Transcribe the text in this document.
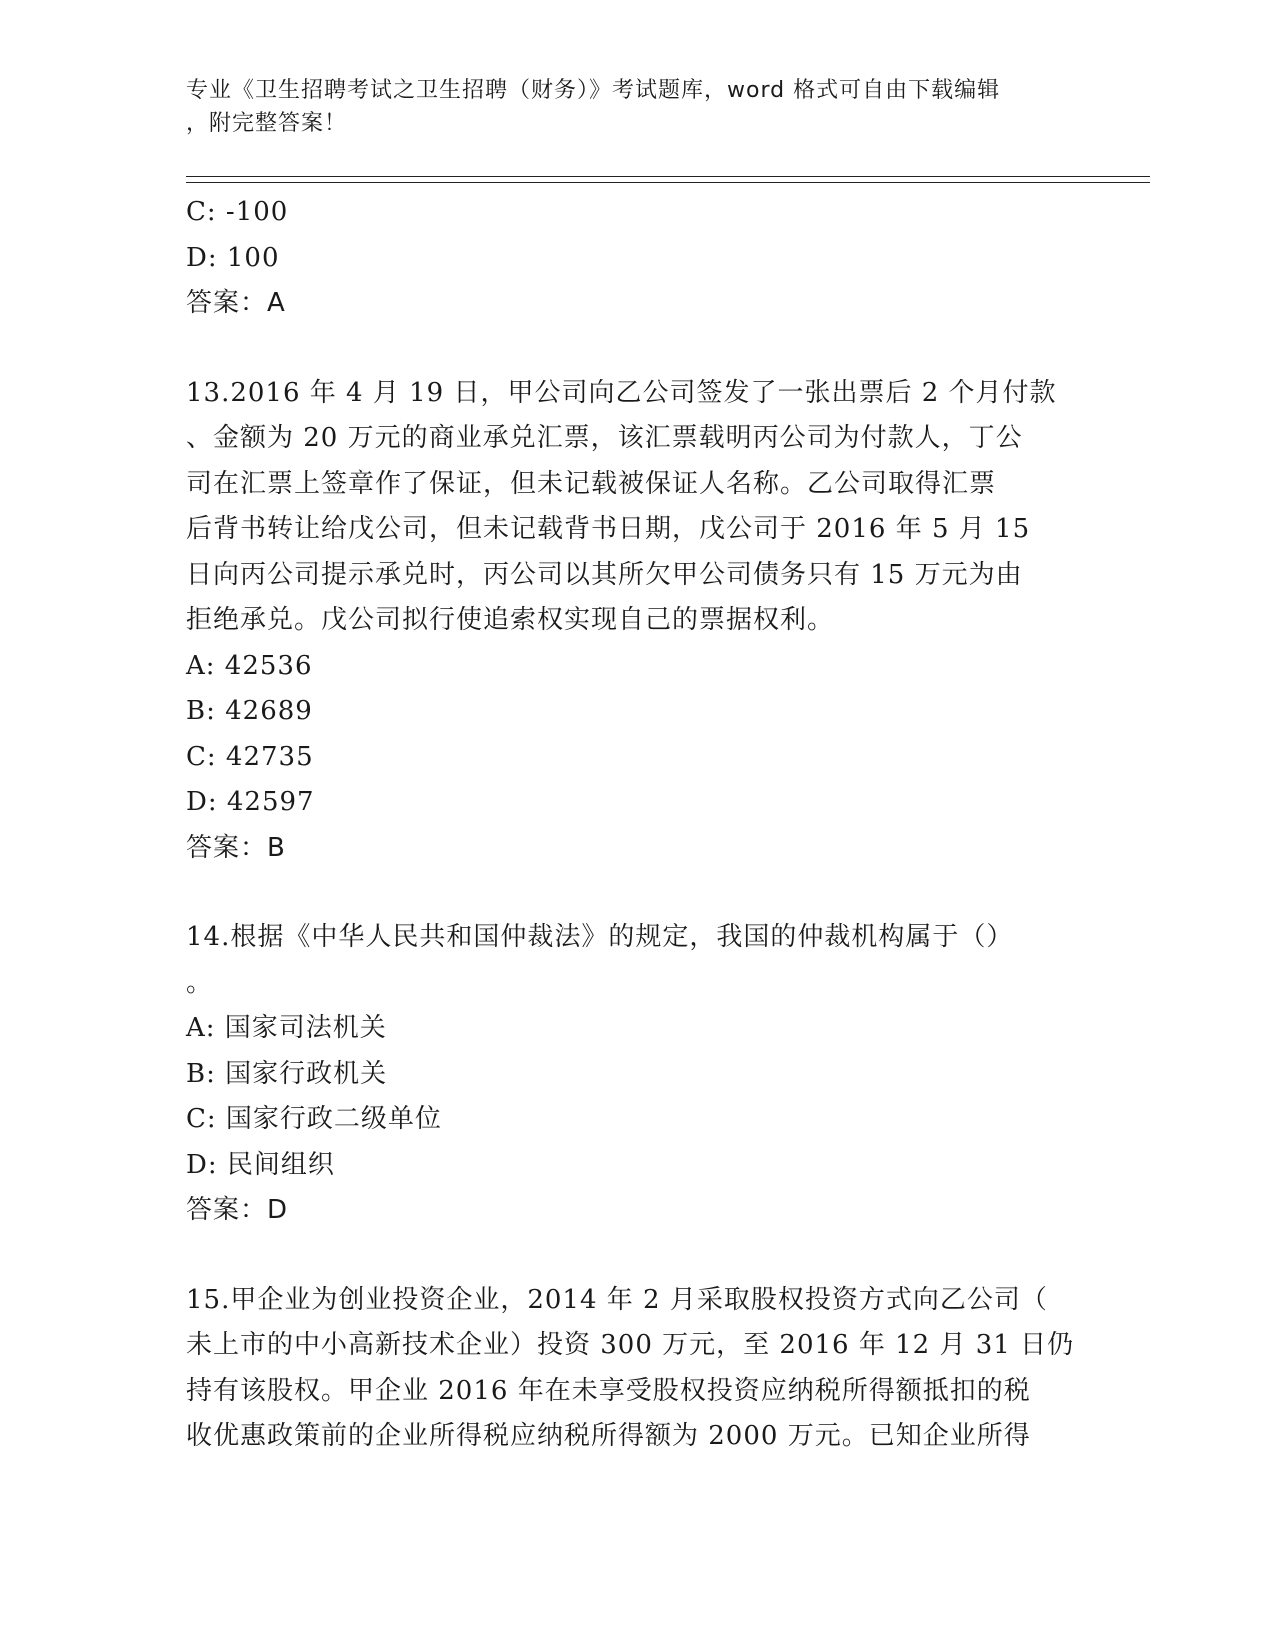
专业《卫生招聘考试之卫生招聘（财务）》考试题库，word 格式可自由下载编辑
，附完整答案！
C: -100
D: 100
答案：A
13.2016 年 4 月 19 日，甲公司向乙公司签发了一张出票后 2 个月付款
、金额为 20 万元的商业承兑汇票，该汇票载明丙公司为付款人，丁公
司在汇票上签章作了保证，但未记载被保证人名称。乙公司取得汇票
后背书转让给戊公司，但未记载背书日期，戊公司于 2016 年 5 月 15
日向丙公司提示承兑时，丙公司以其所欠甲公司债务只有 15 万元为由
拒绝承兑。戊公司拟行使追索权实现自己的票据权利。
A: 42536
B: 42689
C: 42735
D: 42597
答案：B
14.根据《中华人民共和国仲裁法》的规定，我国的仲裁机构属于（）
。
A: 国家司法机关
B: 国家行政机关
C: 国家行政二级单位
D: 民间组织
答案：D
15.甲企业为创业投资企业，2014 年 2 月采取股权投资方式向乙公司（
未上市的中小高新技术企业）投资 300 万元，至 2016 年 12 月 31 日仍
持有该股权。甲企业 2016 年在未享受股权投资应纳税所得额抵扣的税
收优惠政策前的企业所得税应纳税所得额为 2000 万元。已知企业所得
